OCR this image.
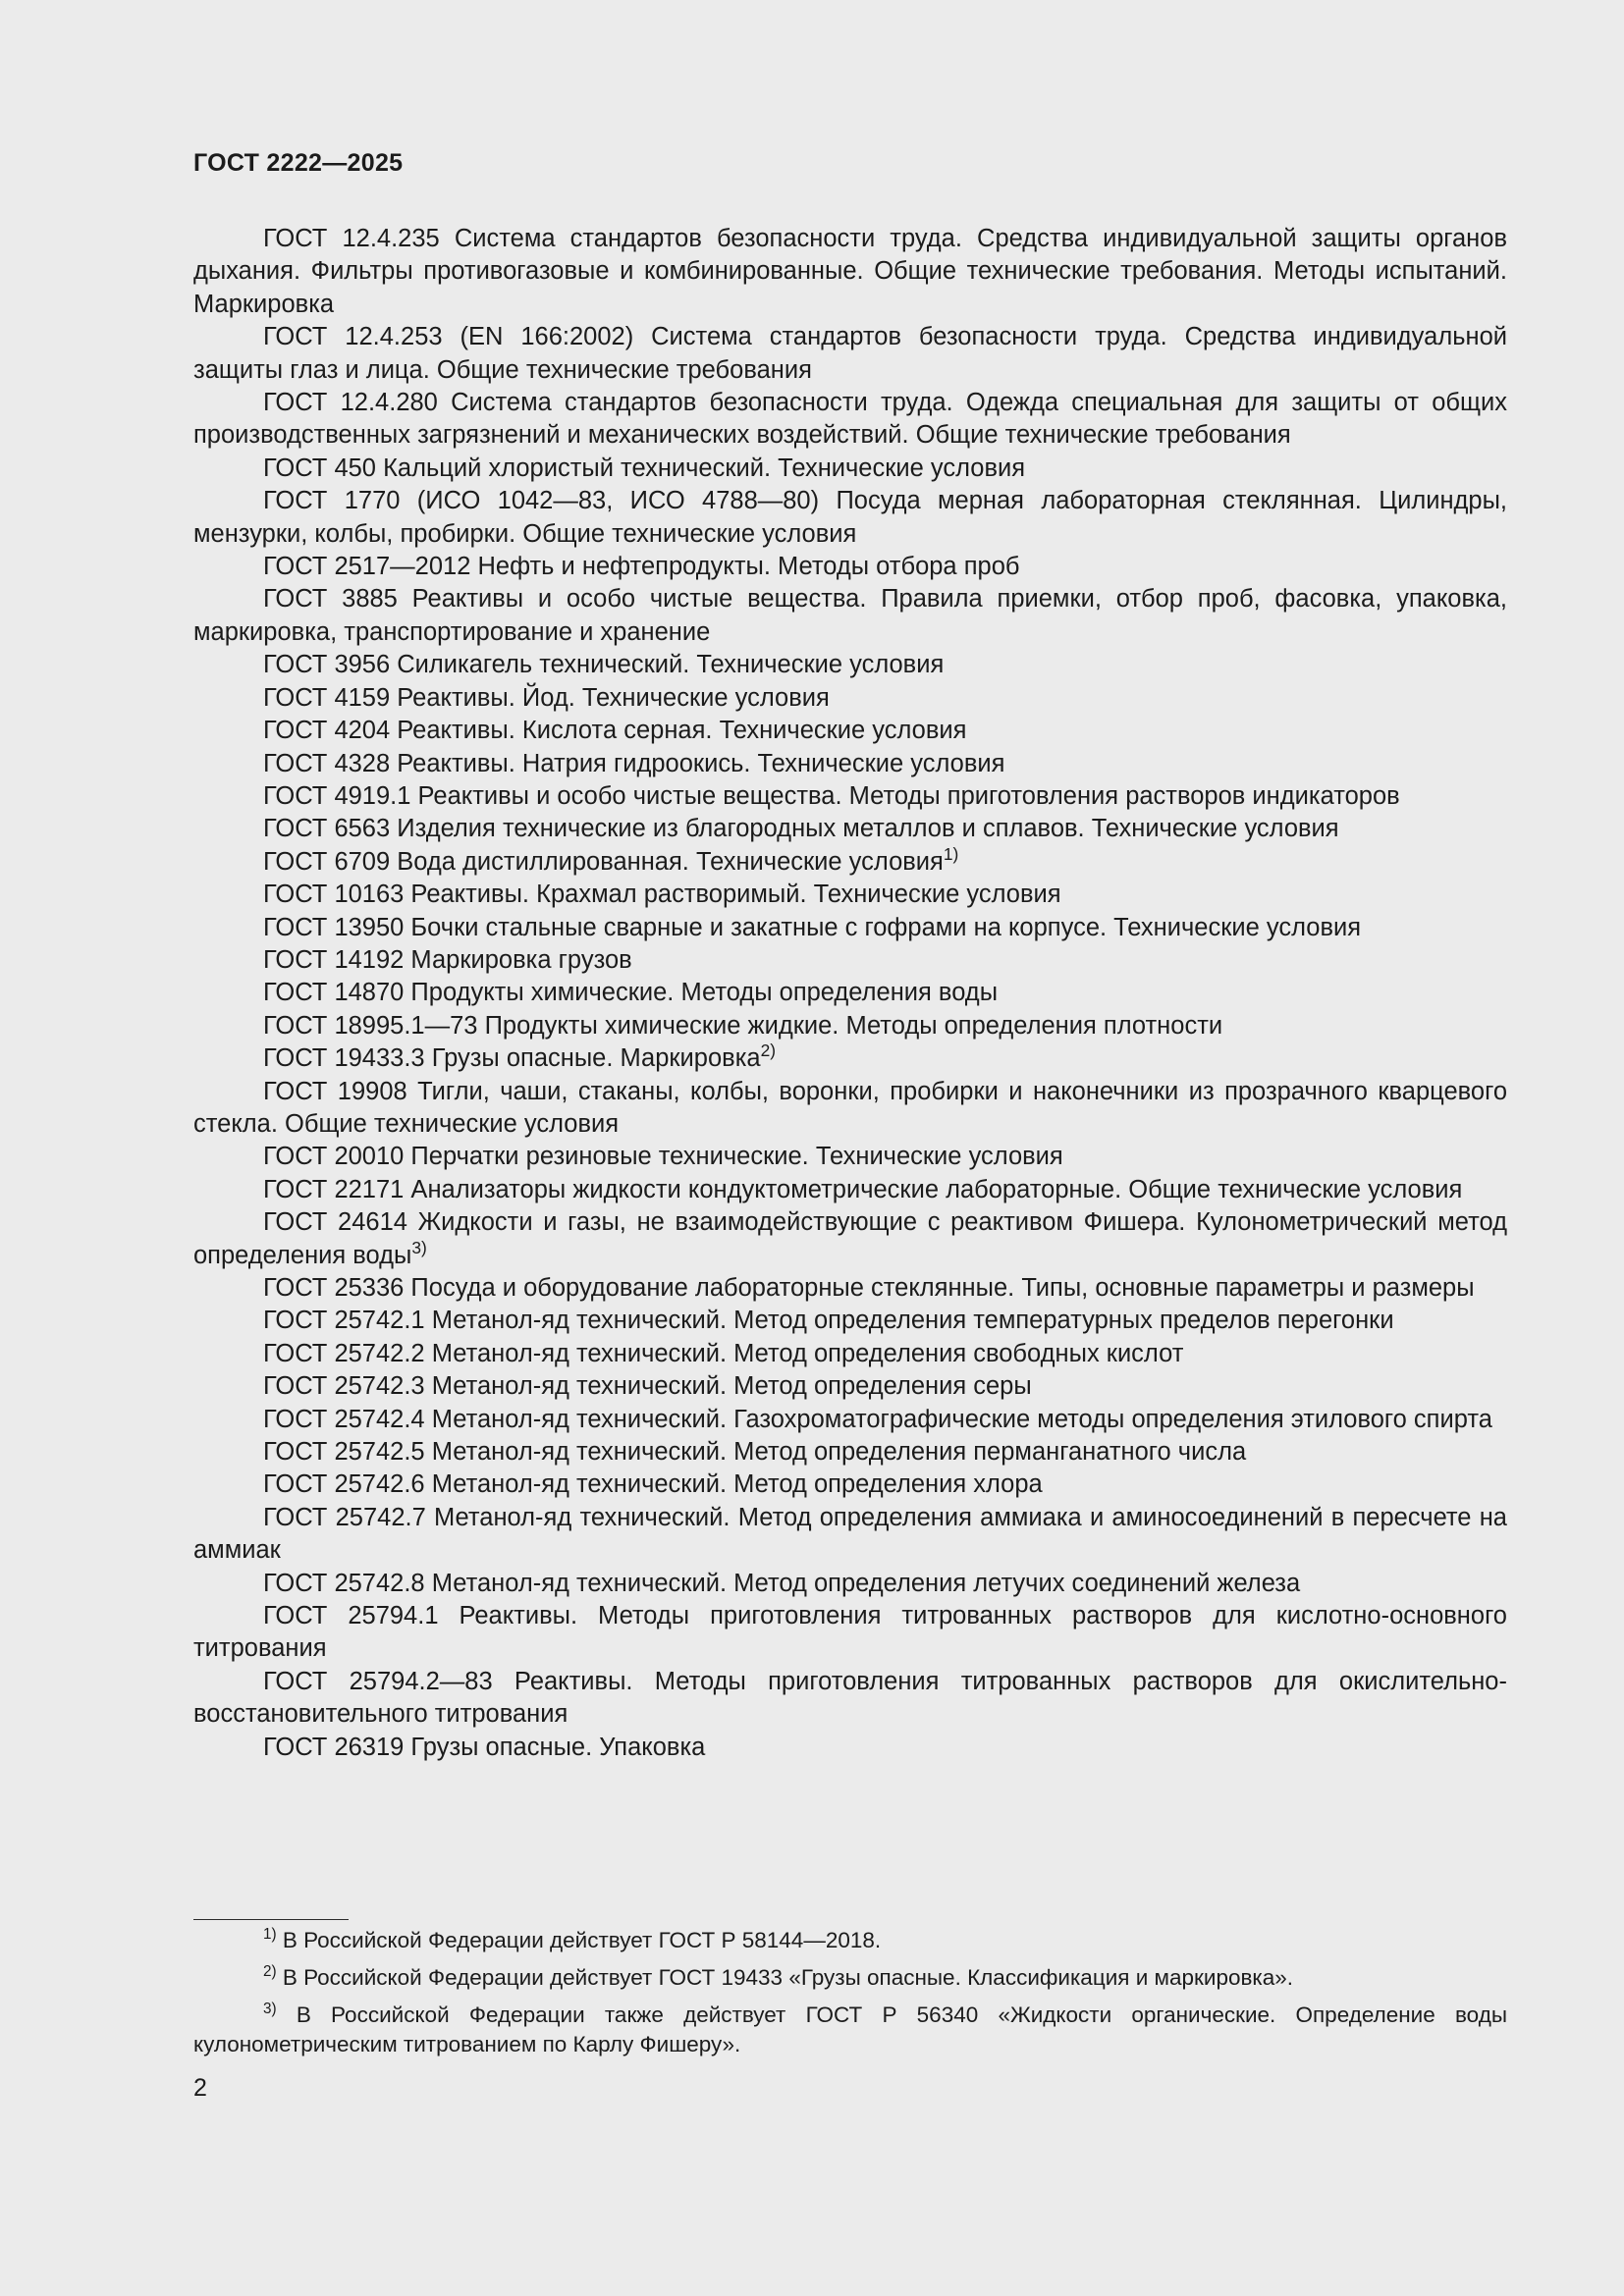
ГОСТ 2222—2025

ГОСТ 12.4.235 Система стандартов безопасности труда. Средства индивидуальной защиты органов дыхания. Фильтры противогазовые и комбинированные. Общие технические требования. Методы испытаний. Маркировка

ГОСТ 12.4.253 (EN 166:2002) Система стандартов безопасности труда. Средства индивидуальной защиты глаз и лица. Общие технические требования

ГОСТ 12.4.280 Система стандартов безопасности труда. Одежда специальная для защиты от общих производственных загрязнений и механических воздействий. Общие технические требования

ГОСТ 450 Кальций хлористый технический. Технические условия

ГОСТ 1770 (ИСО 1042—83, ИСО 4788—80) Посуда мерная лабораторная стеклянная. Цилиндры, мензурки, колбы, пробирки. Общие технические условия

ГОСТ 2517—2012 Нефть и нефтепродукты. Методы отбора проб

ГОСТ 3885 Реактивы и особо чистые вещества. Правила приемки, отбор проб, фасовка, упаковка, маркировка, транспортирование и хранение

ГОСТ 3956 Силикагель технический. Технические условия

ГОСТ 4159 Реактивы. Йод. Технические условия

ГОСТ 4204 Реактивы. Кислота серная. Технические условия

ГОСТ 4328 Реактивы. Натрия гидроокись. Технические условия

ГОСТ 4919.1 Реактивы и особо чистые вещества. Методы приготовления растворов индикаторов

ГОСТ 6563 Изделия технические из благородных металлов и сплавов. Технические условия

ГОСТ 6709 Вода дистиллированная. Технические условия$^{1)}$

ГОСТ 10163 Реактивы. Крахмал растворимый. Технические условия

ГОСТ 13950 Бочки стальные сварные и закатные с гофрами на корпусе. Технические условия

ГОСТ 14192 Маркировка грузов

ГОСТ 14870 Продукты химические. Методы определения воды

ГОСТ 18995.1—73 Продукты химические жидкие. Методы определения плотности

ГОСТ 19433.3 Грузы опасные. Маркировка$^{2)}$

ГОСТ 19908 Тигли, чаши, стаканы, колбы, воронки, пробирки и наконечники из прозрачного кварцевого стекла. Общие технические условия

ГОСТ 20010 Перчатки резиновые технические. Технические условия

ГОСТ 22171 Анализаторы жидкости кондуктометрические лабораторные. Общие технические условия

ГОСТ 24614 Жидкости и газы, не взаимодействующие с реактивом Фишера. Кулонометрический метод определения воды$^{3)}$

ГОСТ 25336 Посуда и оборудование лабораторные стеклянные. Типы, основные параметры и размеры

ГОСТ 25742.1 Метанол-яд технический. Метод определения температурных пределов перегонки

ГОСТ 25742.2 Метанол-яд технический. Метод определения свободных кислот

ГОСТ 25742.3 Метанол-яд технический. Метод определения серы

ГОСТ 25742.4 Метанол-яд технический. Газохроматографические методы определения этилового спирта

ГОСТ 25742.5 Метанол-яд технический. Метод определения перманганатного числа

ГОСТ 25742.6 Метанол-яд технический. Метод определения хлора

ГОСТ 25742.7 Метанол-яд технический. Метод определения аммиака и аминосоединений в пересчете на аммиак

ГОСТ 25742.8 Метанол-яд технический. Метод определения летучих соединений железа

ГОСТ 25794.1 Реактивы. Методы приготовления титрованных растворов для кислотно-основного титрования

ГОСТ 25794.2—83 Реактивы. Методы приготовления титрованных растворов для окислительно-восстановительного титрования

ГОСТ 26319 Грузы опасные. Упаковка

$^{1)}$ В Российской Федерации действует ГОСТ Р 58144—2018.

$^{2)}$ В Российской Федерации действует ГОСТ 19433 «Грузы опасные. Классификация и маркировка».

$^{3)}$ В Российской Федерации также действует ГОСТ Р 56340 «Жидкости органические. Определение воды кулонометрическим титрованием по Карлу Фишеру».

2
